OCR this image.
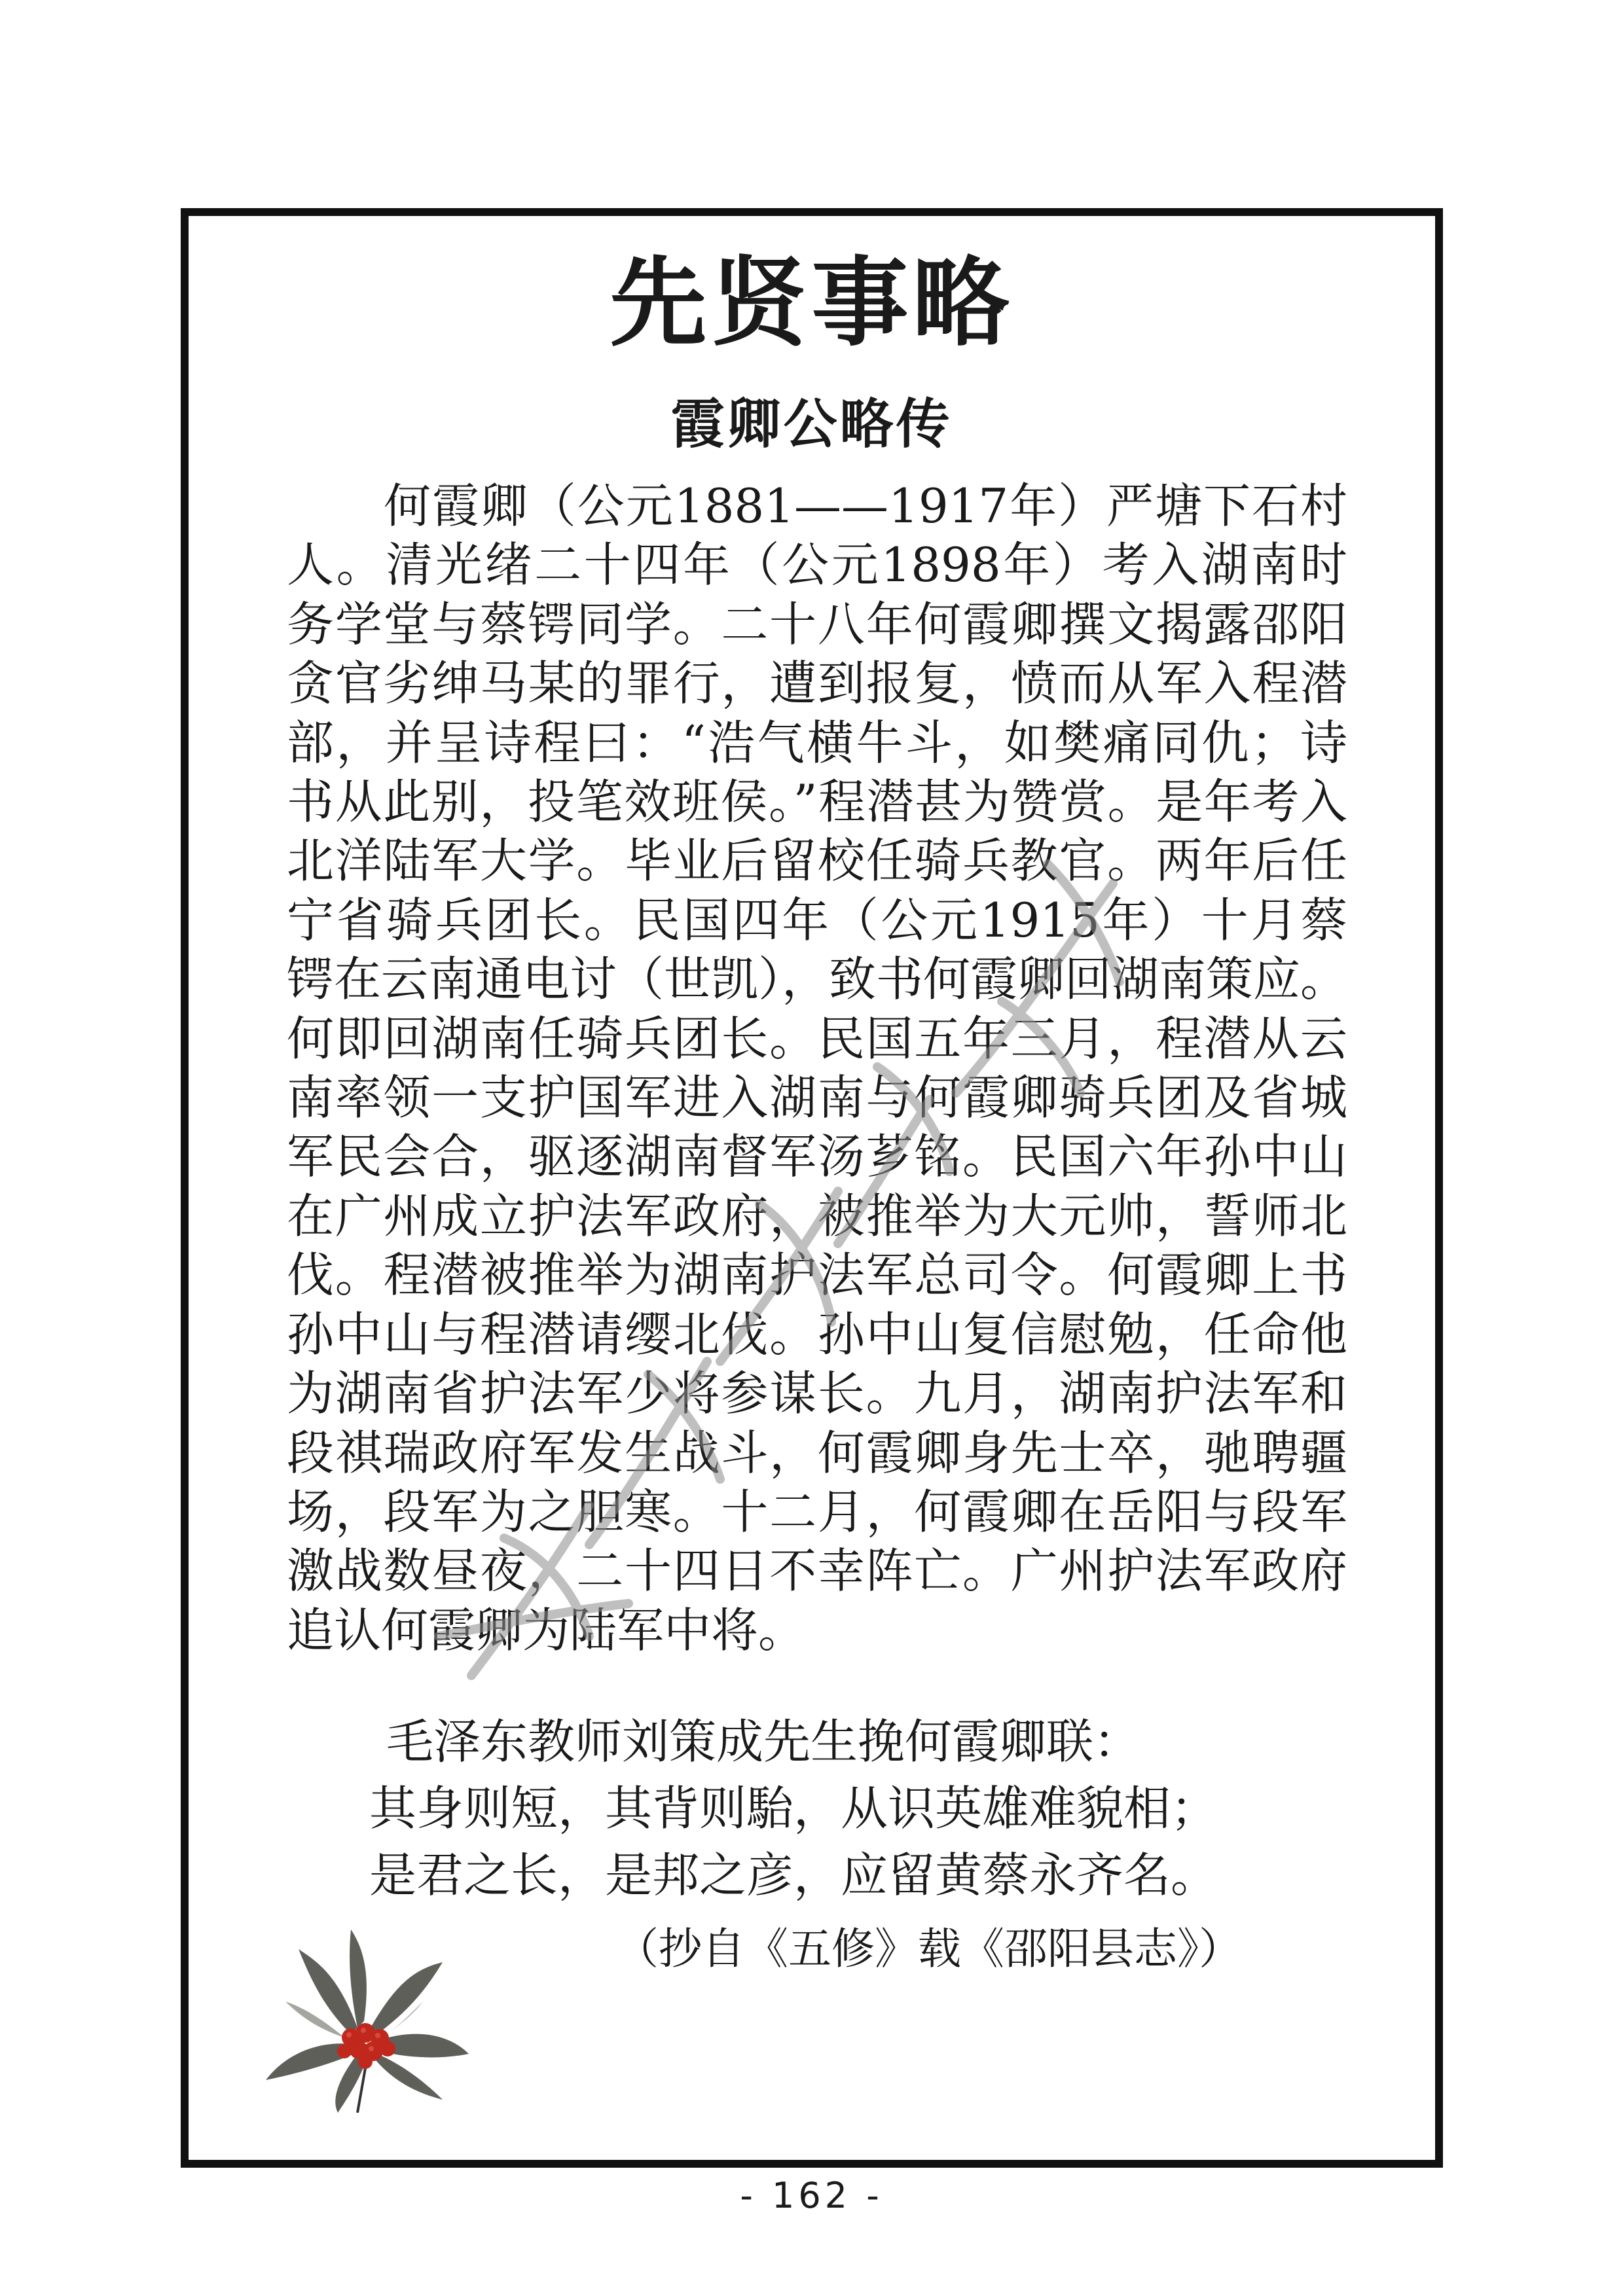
先贤事略
霞卿公略传

何霞卿（公元1881——1917年）严塘下石村人。清光绪二十四年（公元1898年）考入湖南时务学堂与蔡锷同学。二十八年何霞卿撰文揭露邵阳贪官劣绅马某的罪行，遭到报复，愤而从军入程潜部，并呈诗程曰：“浩气横牛斗，如樊痛同仇；诗书从此别，投笔效班侯。”程潜甚为赞赏。是年考入北洋陆军大学。毕业后留校任骑兵教官。两年后任宁省骑兵团长。民国四年（公元1915年）十月蔡锷在云南通电讨（世凯），致书何霞卿回湖南策应。何即回湖南任骑兵团长。民国五年三月，程潜从云南率领一支护国军进入湖南与何霞卿骑兵团及省城军民会合，驱逐湖南督军汤芗铭。民国六年孙中山在广州成立护法军政府，被推举为大元帅，誓师北伐。程潜被推举为湖南护法军总司令。何霞卿上书孙中山与程潜请缨北伐。孙中山复信慰勉，任命他为湖南省护法军少将参谋长。九月，湖南护法军和段祺瑞政府军发生战斗，何霞卿身先士卒，驰聘疆场，段军为之胆寒。十二月，何霞卿在岳阳与段军激战数昼夜，二十四日不幸阵亡。广州护法军政府追认何霞卿为陆军中将。

毛泽东教师刘策成先生挽何霞卿联：

其身则短，其背则駘，从识英雄难貌相；

是君之长，是邦之彦，应留黄蔡永齐名。

（抄自《五修》载《邵阳县志》）

- 162 -
